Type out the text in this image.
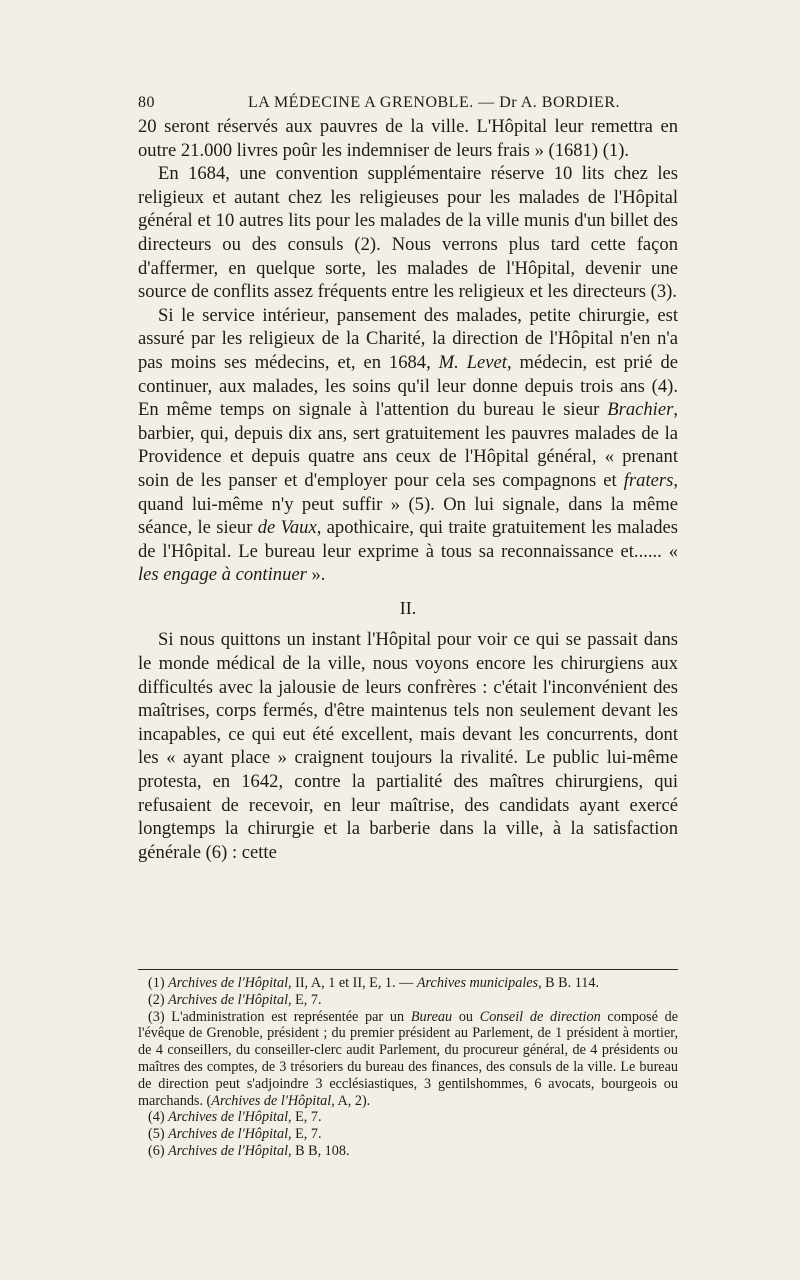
80	LA MÉDECINE A GRENOBLE. — Dr A. BORDIER.

20 seront réservés aux pauvres de la ville. L'Hôpital leur remettra en outre 21.000 livres poûr les indemniser de leurs frais » (1681) (1).

En 1684, une convention supplémentaire réserve 10 lits chez les religieux et autant chez les religieuses pour les malades de l'Hôpital général et 10 autres lits pour les malades de la ville munis d'un billet des directeurs ou des consuls (2). Nous verrons plus tard cette façon d'affermer, en quelque sorte, les malades de l'Hôpital, devenir une source de conflits assez fréquents entre les religieux et les directeurs (3).

Si le service intérieur, pansement des malades, petite chirurgie, est assuré par les religieux de la Charité, la direction de l'Hôpital n'en n'a pas moins ses médecins, et, en 1684, M. Levet, médecin, est prié de continuer, aux malades, les soins qu'il leur donne depuis trois ans (4). En même temps on signale à l'attention du bureau le sieur Brachier, barbier, qui, depuis dix ans, sert gratuitement les pauvres malades de la Providence et depuis quatre ans ceux de l'Hôpital général, « prenant soin de les panser et d'employer pour cela ses compagnons et fraters, quand lui-même n'y peut suffir » (5). On lui signale, dans la même séance, le sieur de Vaux, apothicaire, qui traite gratuitement les malades de l'Hôpital. Le bureau leur exprime à tous sa reconnaissance et...... « les engage à continuer ».

II.

Si nous quittons un instant l'Hôpital pour voir ce qui se passait dans le monde médical de la ville, nous voyons encore les chirurgiens aux difficultés avec la jalousie de leurs confrères : c'était l'inconvénient des maîtrises, corps fermés, d'être maintenus tels non seulement devant les incapables, ce qui eut été excellent, mais devant les concurrents, dont les « ayant place » craignent toujours la rivalité. Le public lui-même protesta, en 1642, contre la partialité des maîtres chirurgiens, qui refusaient de recevoir, en leur maîtrise, des candidats ayant exercé longtemps la chirurgie et la barberie dans la ville, à la satisfaction générale (6) : cette

(1) Archives de l'Hôpital, II, A, 1 et II, E, 1. — Archives municipales, B B. 114.

(2) Archives de l'Hôpital, E, 7.

(3) L'administration est représentée par un Bureau ou Conseil de direction composé de l'évêque de Grenoble, président ; du premier président au Parlement, de 1 président à mortier, de 4 conseillers, du conseiller-clerc audit Parlement, du procureur général, de 4 présidents ou maîtres des comptes, de 3 trésoriers du bureau des finances, des consuls de la ville. Le bureau de direction peut s'adjoindre 3 ecclésiastiques, 3 gentilshommes, 6 avocats, bourgeois ou marchands. (Archives de l'Hôpital, A, 2).

(4) Archives de l'Hôpital, E, 7.

(5) Archives de l'Hôpital, E, 7.

(6) Archives de l'Hôpital, B B, 108.
